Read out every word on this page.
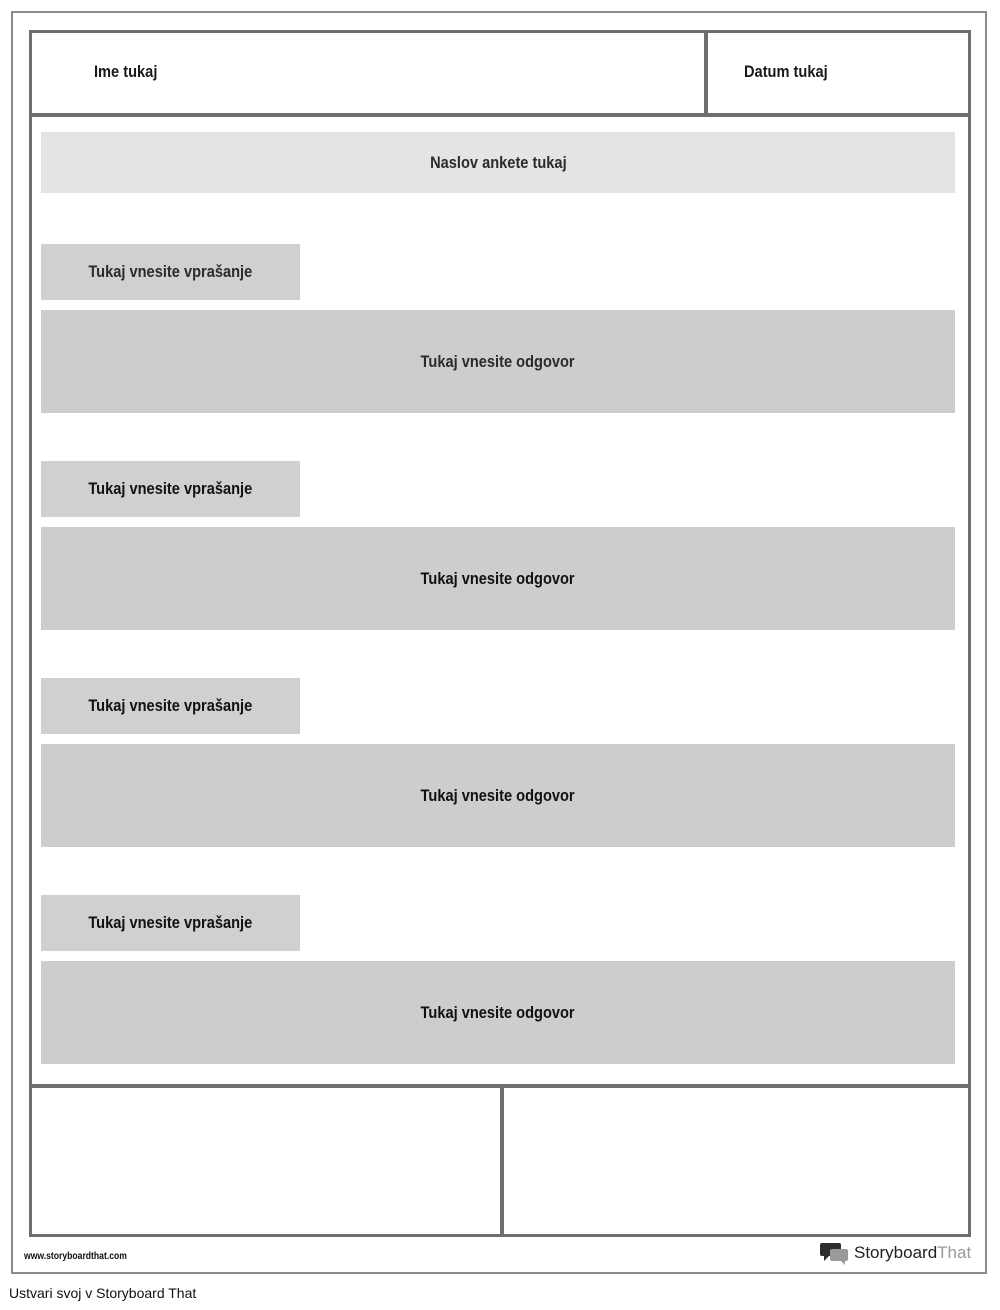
Ime tukaj	Datum tukaj
Naslov ankete tukaj
Tukaj vnesite vprašanje
Tukaj vnesite odgovor
Tukaj vnesite vprašanje
Tukaj vnesite odgovor
Tukaj vnesite vprašanje
Tukaj vnesite odgovor
Tukaj vnesite vprašanje
Tukaj vnesite odgovor
www.storyboardthat.com	StoryboardThat
Ustvari svoj v Storyboard That
